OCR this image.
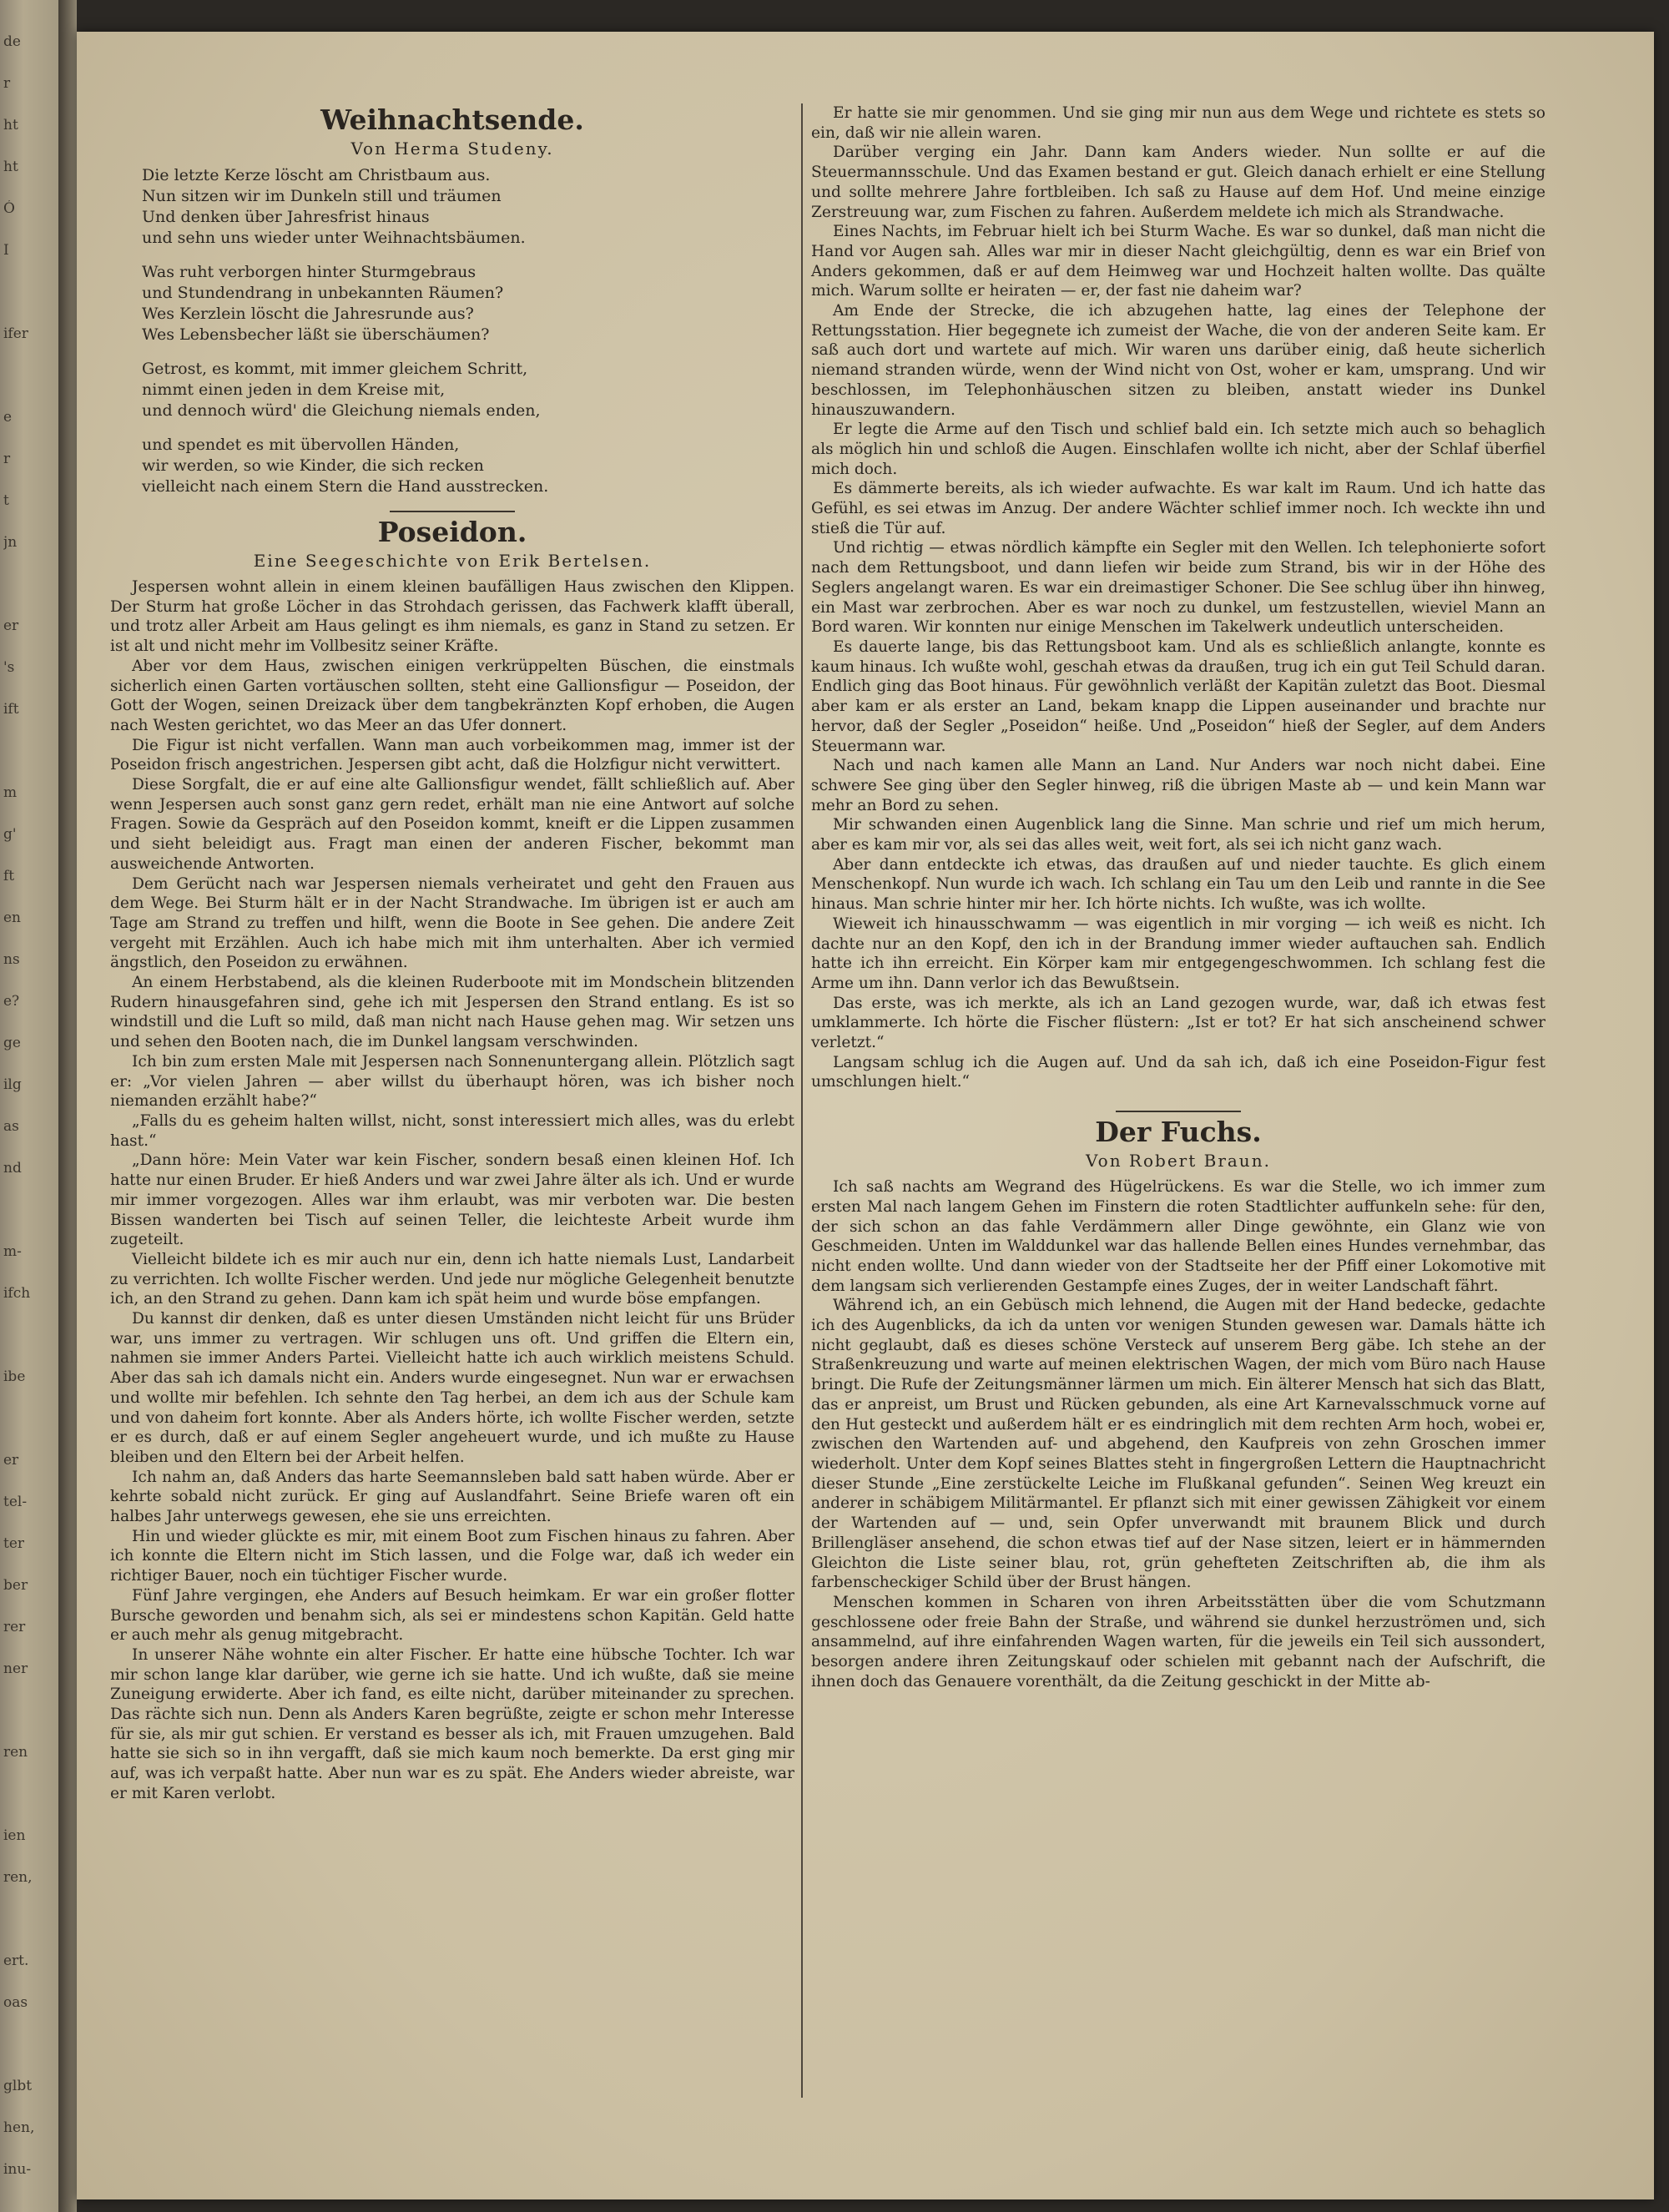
de
r
ht
ht
Ó
I
ifer
e
r
t
jn
er
's
ift
m
g'
ft
en
ns
e?
ge
ilg
as
nd
m-
ifch
ibe
er
tel-
ter
ber
rer
ner
ren
ien
ren,
ert.
oas
glbt
hen,
inu-
Weihnachtsende.
Von Herma Studeny.
Die letzte Kerze löscht am Christbaum aus.
Nun sitzen wir im Dunkeln still und träumen
Und denken über Jahresfrist hinaus
und sehn uns wieder unter Weihnachtsbäumen.
Was ruht verborgen hinter Sturmgebraus
und Stundendrang in unbekannten Räumen?
Wes Kerzlein löscht die Jahresrunde aus?
Wes Lebensbecher läßt sie überschäumen?
Getrost, es kommt, mit immer gleichem Schritt,
nimmt einen jeden in dem Kreise mit,
und dennoch würd' die Gleichung niemals enden,
und spendet es mit übervollen Händen,
wir werden, so wie Kinder, die sich recken
vielleicht nach einem Stern die Hand ausstrecken.
Poseidon.
Eine Seegeschichte von Erik Bertelsen.

Jespersen wohnt allein in einem kleinen baufälligen Haus zwischen den Klippen. Der Sturm hat große Löcher in das Strohdach gerissen, das Fachwerk klafft überall, und trotz aller Arbeit am Haus gelingt es ihm niemals, es ganz in Stand zu setzen. Er ist alt und nicht mehr im Vollbesitz seiner Kräfte.

Aber vor dem Haus, zwischen einigen verkrüppelten Büschen, die einstmals sicherlich einen Garten vortäuschen sollten, steht eine Gallionsfigur — Poseidon, der Gott der Wogen, seinen Dreizack über dem tangbekränzten Kopf erhoben, die Augen nach Westen gerichtet, wo das Meer an das Ufer donnert.

Die Figur ist nicht verfallen. Wann man auch vorbeikommen mag, immer ist der Poseidon frisch angestrichen. Jespersen gibt acht, daß die Holzfigur nicht verwittert.

Diese Sorgfalt, die er auf eine alte Gallionsfigur wendet, fällt schließlich auf. Aber wenn Jespersen auch sonst ganz gern redet, erhält man nie eine Antwort auf solche Fragen. Sowie da Gespräch auf den Poseidon kommt, kneift er die Lippen zusammen und sieht beleidigt aus. Fragt man einen der anderen Fischer, bekommt man ausweichende Antworten.

Dem Gerücht nach war Jespersen niemals verheiratet und geht den Frauen aus dem Wege. Bei Sturm hält er in der Nacht Strandwache. Im übrigen ist er auch am Tage am Strand zu treffen und hilft, wenn die Boote in See gehen. Die andere Zeit vergeht mit Erzählen. Auch ich habe mich mit ihm unterhalten. Aber ich vermied ängstlich, den Poseidon zu erwähnen.

An einem Herbstabend, als die kleinen Ruderboote mit im Mondschein blitzenden Rudern hinausgefahren sind, gehe ich mit Jespersen den Strand entlang. Es ist so windstill und die Luft so mild, daß man nicht nach Hause gehen mag. Wir setzen uns und sehen den Booten nach, die im Dunkel langsam verschwinden.

Ich bin zum ersten Male mit Jespersen nach Sonnenuntergang allein. Plötzlich sagt er: „Vor vielen Jahren — aber willst du überhaupt hören, was ich bisher noch niemanden erzählt habe?“

„Falls du es geheim halten willst, nicht, sonst interessiert mich alles, was du erlebt hast.“

„Dann höre: Mein Vater war kein Fischer, sondern besaß einen kleinen Hof. Ich hatte nur einen Bruder. Er hieß Anders und war zwei Jahre älter als ich. Und er wurde mir immer vorgezogen. Alles war ihm erlaubt, was mir verboten war. Die besten Bissen wanderten bei Tisch auf seinen Teller, die leichteste Arbeit wurde ihm zugeteilt.

Vielleicht bildete ich es mir auch nur ein, denn ich hatte niemals Lust, Landarbeit zu verrichten. Ich wollte Fischer werden. Und jede nur mögliche Gelegenheit benutzte ich, an den Strand zu gehen. Dann kam ich spät heim und wurde böse empfangen.

Du kannst dir denken, daß es unter diesen Umständen nicht leicht für uns Brüder war, uns immer zu vertragen. Wir schlugen uns oft. Und griffen die Eltern ein, nahmen sie immer Anders Partei. Vielleicht hatte ich auch wirklich meistens Schuld. Aber das sah ich damals nicht ein. Anders wurde eingesegnet. Nun war er erwachsen und wollte mir befehlen. Ich sehnte den Tag herbei, an dem ich aus der Schule kam und von daheim fort konnte. Aber als Anders hörte, ich wollte Fischer werden, setzte er es durch, daß er auf einem Segler angeheuert wurde, und ich mußte zu Hause bleiben und den Eltern bei der Arbeit helfen.

Ich nahm an, daß Anders das harte Seemannsleben bald satt haben würde. Aber er kehrte sobald nicht zurück. Er ging auf Auslandfahrt. Seine Briefe waren oft ein halbes Jahr unterwegs gewesen, ehe sie uns erreichten.

Hin und wieder glückte es mir, mit einem Boot zum Fischen hinaus zu fahren. Aber ich konnte die Eltern nicht im Stich lassen, und die Folge war, daß ich weder ein richtiger Bauer, noch ein tüchtiger Fischer wurde.

Fünf Jahre vergingen, ehe Anders auf Besuch heimkam. Er war ein großer flotter Bursche geworden und benahm sich, als sei er mindestens schon Kapitän. Geld hatte er auch mehr als genug mitgebracht.

In unserer Nähe wohnte ein alter Fischer. Er hatte eine hübsche Tochter. Ich war mir schon lange klar darüber, wie gerne ich sie hatte. Und ich wußte, daß sie meine Zuneigung erwiderte. Aber ich fand, es eilte nicht, darüber miteinander zu sprechen. Das rächte sich nun. Denn als Anders Karen begrüßte, zeigte er schon mehr Interesse für sie, als mir gut schien. Er verstand es besser als ich, mit Frauen umzugehen. Bald hatte sie sich so in ihn vergafft, daß sie mich kaum noch bemerkte. Da erst ging mir auf, was ich verpaßt hatte. Aber nun war es zu spät. Ehe Anders wieder abreiste, war er mit Karen verlobt.

Er hatte sie mir genommen. Und sie ging mir nun aus dem Wege und richtete es stets so ein, daß wir nie allein waren.

Darüber verging ein Jahr. Dann kam Anders wieder. Nun sollte er auf die Steuermannsschule. Und das Examen bestand er gut. Gleich danach erhielt er eine Stellung und sollte mehrere Jahre fortbleiben. Ich saß zu Hause auf dem Hof. Und meine einzige Zerstreuung war, zum Fischen zu fahren. Außerdem meldete ich mich als Strandwache.

Eines Nachts, im Februar hielt ich bei Sturm Wache. Es war so dunkel, daß man nicht die Hand vor Augen sah. Alles war mir in dieser Nacht gleichgültig, denn es war ein Brief von Anders gekommen, daß er auf dem Heimweg war und Hochzeit halten wollte. Das quälte mich. Warum sollte er heiraten — er, der fast nie daheim war?

Am Ende der Strecke, die ich abzugehen hatte, lag eines der Telephone der Rettungsstation. Hier begegnete ich zumeist der Wache, die von der anderen Seite kam. Er saß auch dort und wartete auf mich. Wir waren uns darüber einig, daß heute sicherlich niemand stranden würde, wenn der Wind nicht von Ost, woher er kam, umsprang. Und wir beschlossen, im Telephonhäuschen sitzen zu bleiben, anstatt wieder ins Dunkel hinauszuwandern.

Er legte die Arme auf den Tisch und schlief bald ein. Ich setzte mich auch so behaglich als möglich hin und schloß die Augen. Einschlafen wollte ich nicht, aber der Schlaf überfiel mich doch.

Es dämmerte bereits, als ich wieder aufwachte. Es war kalt im Raum. Und ich hatte das Gefühl, es sei etwas im Anzug. Der andere Wächter schlief immer noch. Ich weckte ihn und stieß die Tür auf.

Und richtig — etwas nördlich kämpfte ein Segler mit den Wellen. Ich telephonierte sofort nach dem Rettungsboot, und dann liefen wir beide zum Strand, bis wir in der Höhe des Seglers angelangt waren. Es war ein dreimastiger Schoner. Die See schlug über ihn hinweg, ein Mast war zerbrochen. Aber es war noch zu dunkel, um festzustellen, wieviel Mann an Bord waren. Wir konnten nur einige Menschen im Takelwerk undeutlich unterscheiden.

Es dauerte lange, bis das Rettungsboot kam. Und als es schließlich anlangte, konnte es kaum hinaus. Ich wußte wohl, geschah etwas da draußen, trug ich ein gut Teil Schuld daran. Endlich ging das Boot hinaus. Für gewöhnlich verläßt der Kapitän zuletzt das Boot. Diesmal aber kam er als erster an Land, bekam knapp die Lippen auseinander und brachte nur hervor, daß der Segler „Poseidon“ heiße. Und „Poseidon“ hieß der Segler, auf dem Anders Steuermann war.

Nach und nach kamen alle Mann an Land. Nur Anders war noch nicht dabei. Eine schwere See ging über den Segler hinweg, riß die übrigen Maste ab — und kein Mann war mehr an Bord zu sehen.

Mir schwanden einen Augenblick lang die Sinne. Man schrie und rief um mich herum, aber es kam mir vor, als sei das alles weit, weit fort, als sei ich nicht ganz wach.

Aber dann entdeckte ich etwas, das draußen auf und nieder tauchte. Es glich einem Menschenkopf. Nun wurde ich wach. Ich schlang ein Tau um den Leib und rannte in die See hinaus. Man schrie hinter mir her. Ich hörte nichts. Ich wußte, was ich wollte.

Wieweit ich hinausschwamm — was eigentlich in mir vorging — ich weiß es nicht. Ich dachte nur an den Kopf, den ich in der Brandung immer wieder auftauchen sah. Endlich hatte ich ihn erreicht. Ein Körper kam mir entgegengeschwommen. Ich schlang fest die Arme um ihn. Dann verlor ich das Bewußtsein.

Das erste, was ich merkte, als ich an Land gezogen wurde, war, daß ich etwas fest umklammerte. Ich hörte die Fischer flüstern: „Ist er tot? Er hat sich anscheinend schwer verletzt.“

Langsam schlug ich die Augen auf. Und da sah ich, daß ich eine Poseidon-Figur fest umschlungen hielt.“

Der Fuchs.
Von Robert Braun.

Ich saß nachts am Wegrand des Hügelrückens. Es war die Stelle, wo ich immer zum ersten Mal nach langem Gehen im Finstern die roten Stadtlichter auffunkeln sehe: für den, der sich schon an das fahle Verdämmern aller Dinge gewöhnte, ein Glanz wie von Geschmeiden. Unten im Walddunkel war das hallende Bellen eines Hundes vernehmbar, das nicht enden wollte. Und dann wieder von der Stadtseite her der Pfiff einer Lokomotive mit dem langsam sich verlierenden Gestampfe eines Zuges, der in weiter Landschaft fährt.

Während ich, an ein Gebüsch mich lehnend, die Augen mit der Hand bedecke, gedachte ich des Augenblicks, da ich da unten vor wenigen Stunden gewesen war. Damals hätte ich nicht geglaubt, daß es dieses schöne Versteck auf unserem Berg gäbe. Ich stehe an der Straßenkreuzung und warte auf meinen elektrischen Wagen, der mich vom Büro nach Hause bringt. Die Rufe der Zeitungsmänner lärmen um mich. Ein älterer Mensch hat sich das Blatt, das er anpreist, um Brust und Rücken gebunden, als eine Art Karnevalsschmuck vorne auf den Hut gesteckt und außerdem hält er es eindringlich mit dem rechten Arm hoch, wobei er, zwischen den Wartenden auf- und abgehend, den Kaufpreis von zehn Groschen immer wiederholt. Unter dem Kopf seines Blattes steht in fingergroßen Lettern die Hauptnachricht dieser Stunde „Eine zerstückelte Leiche im Flußkanal gefunden“. Seinen Weg kreuzt ein anderer in schäbigem Militärmantel. Er pflanzt sich mit einer gewissen Zähigkeit vor einem der Wartenden auf — und, sein Opfer unverwandt mit braunem Blick und durch Brillengläser ansehend, die schon etwas tief auf der Nase sitzen, leiert er in hämmernden Gleichton die Liste seiner blau, rot, grün gehefteten Zeitschriften ab, die ihm als farbenscheckiger Schild über der Brust hängen.

Menschen kommen in Scharen von ihren Arbeitsstätten über die vom Schutzmann geschlossene oder freie Bahn der Straße, und während sie dunkel herzuströmen und, sich ansammelnd, auf ihre einfahrenden Wagen warten, für die jeweils ein Teil sich aussondert, besorgen andere ihren Zeitungskauf oder schielen mit gebannt nach der Aufschrift, die ihnen doch das Genauere vorenthält, da die Zeitung geschickt in der Mitte ab-
